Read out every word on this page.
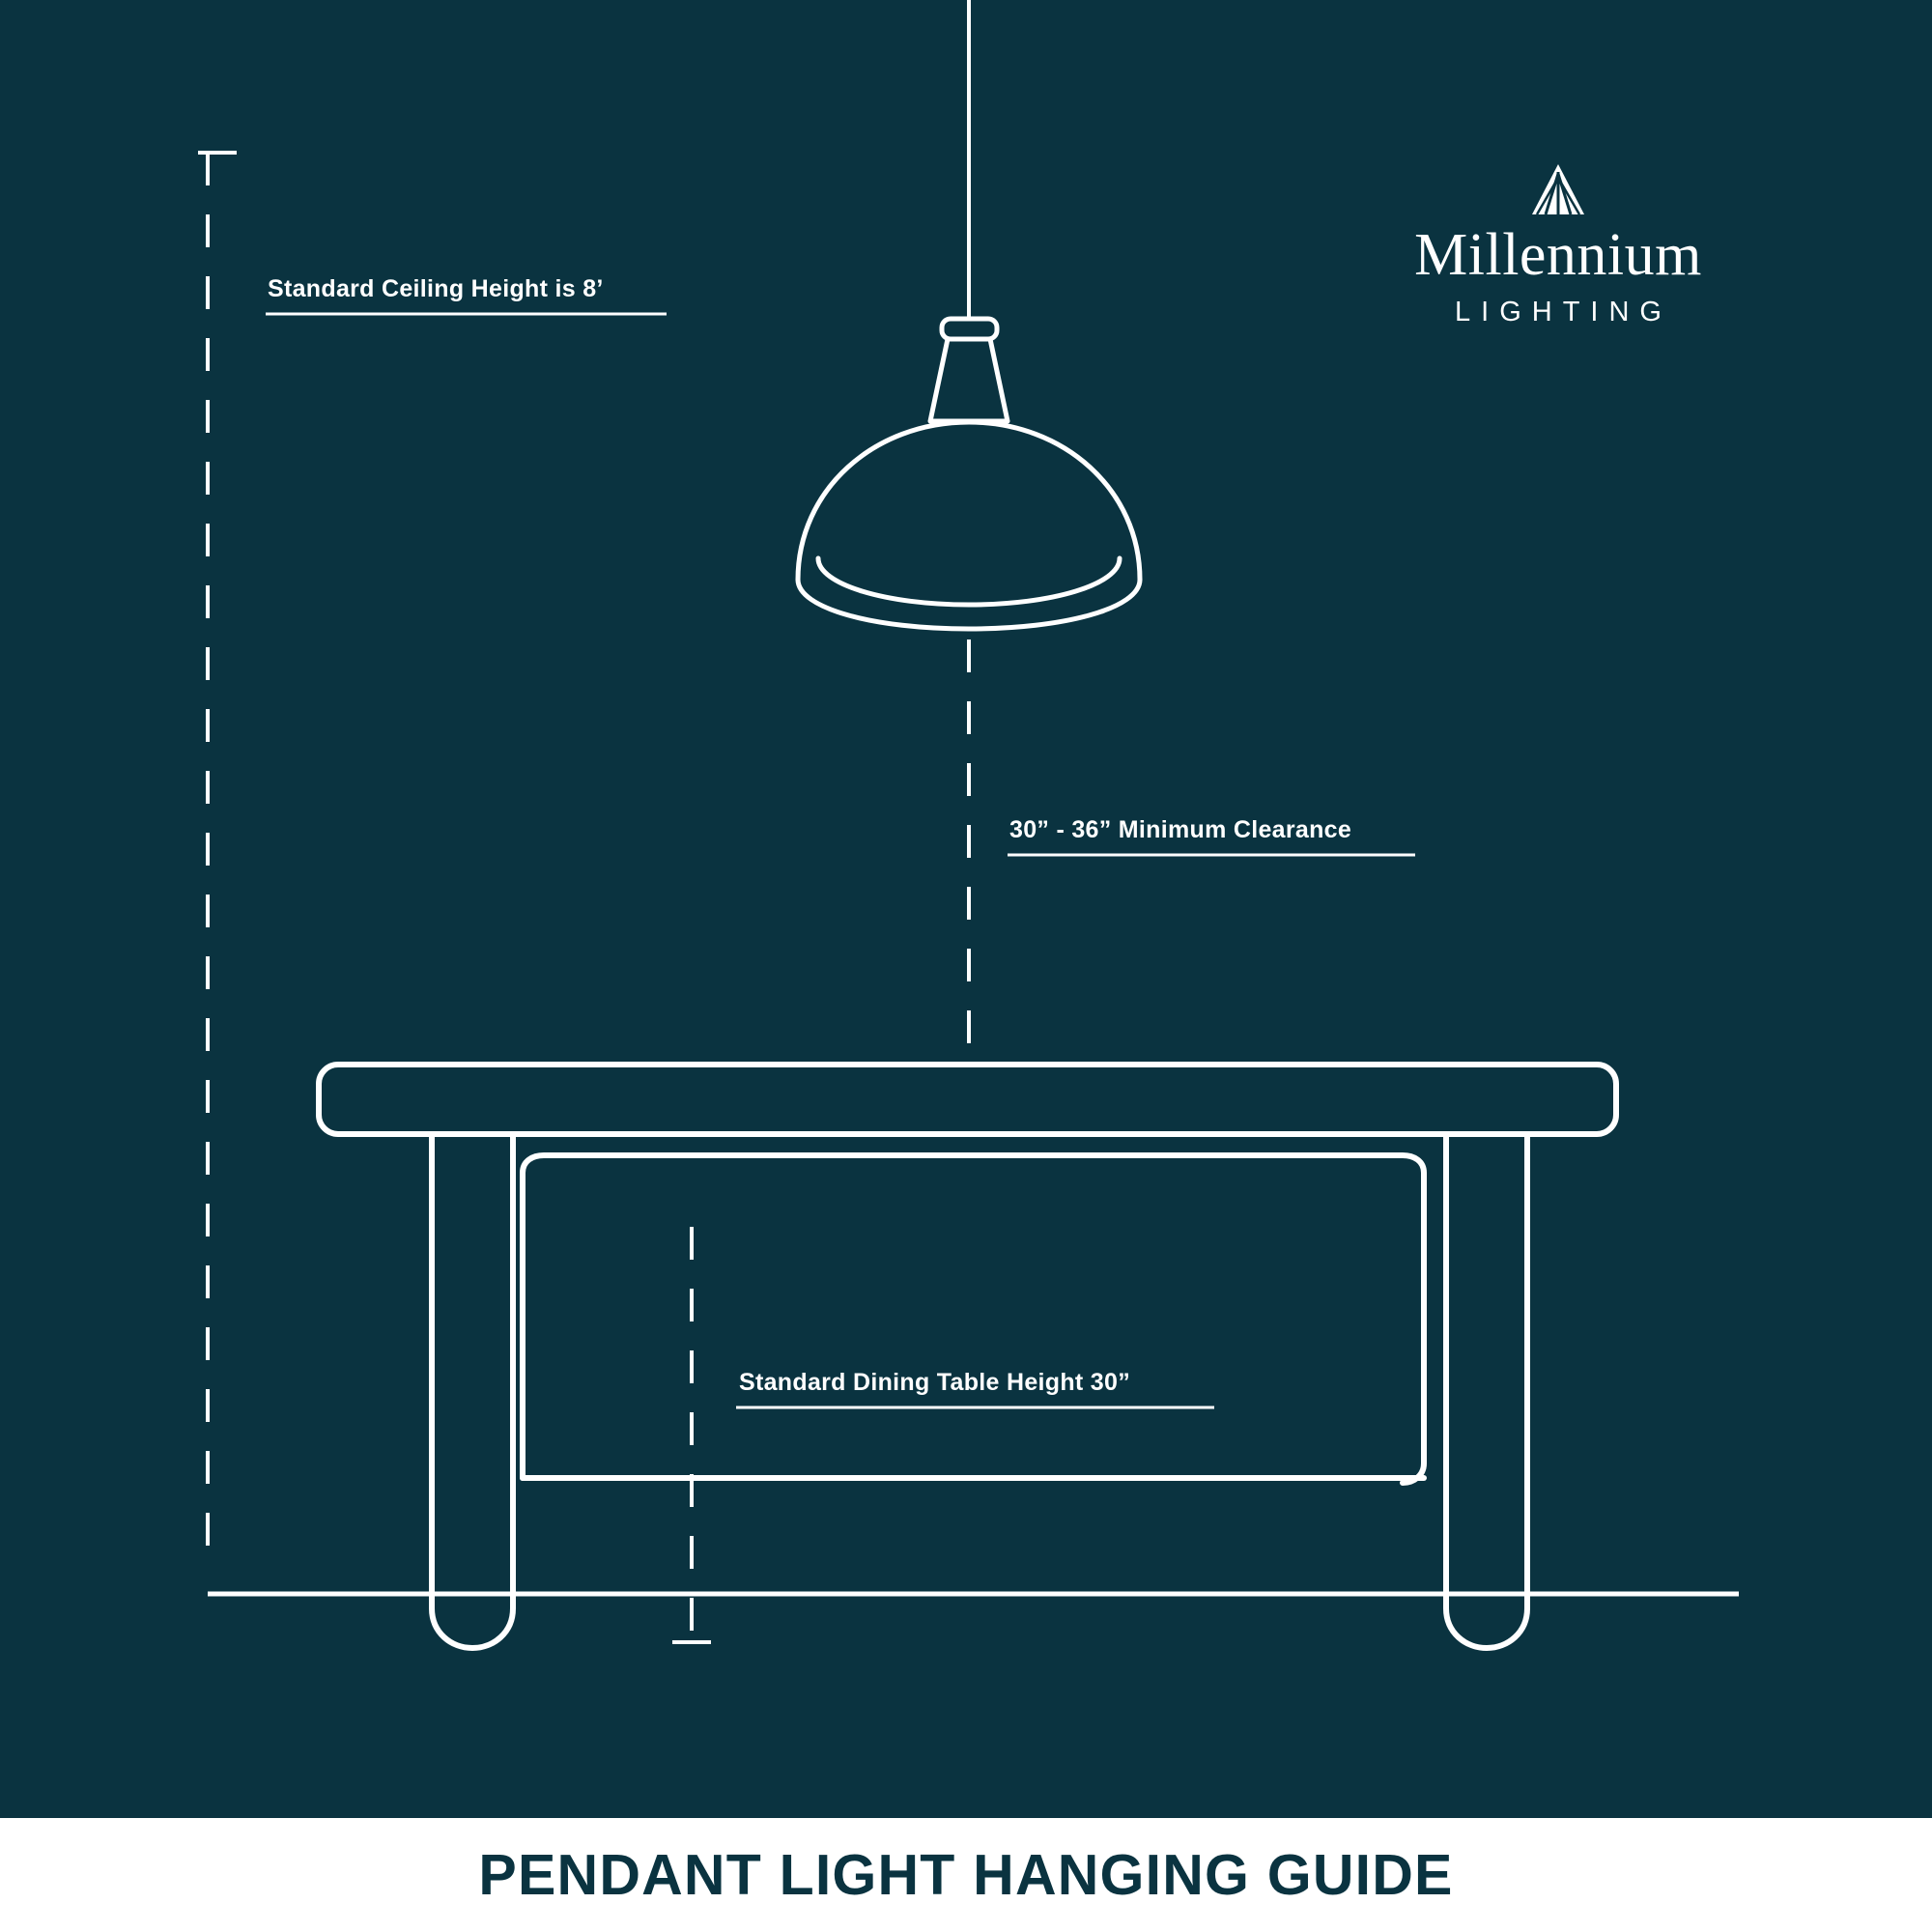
Standard Ceiling Height is 8’
30” - 36” Minimum Clearance
Standard Dining Table Height 30”
Millennium
LIGHTING
PENDANT LIGHT HANGING GUIDE
